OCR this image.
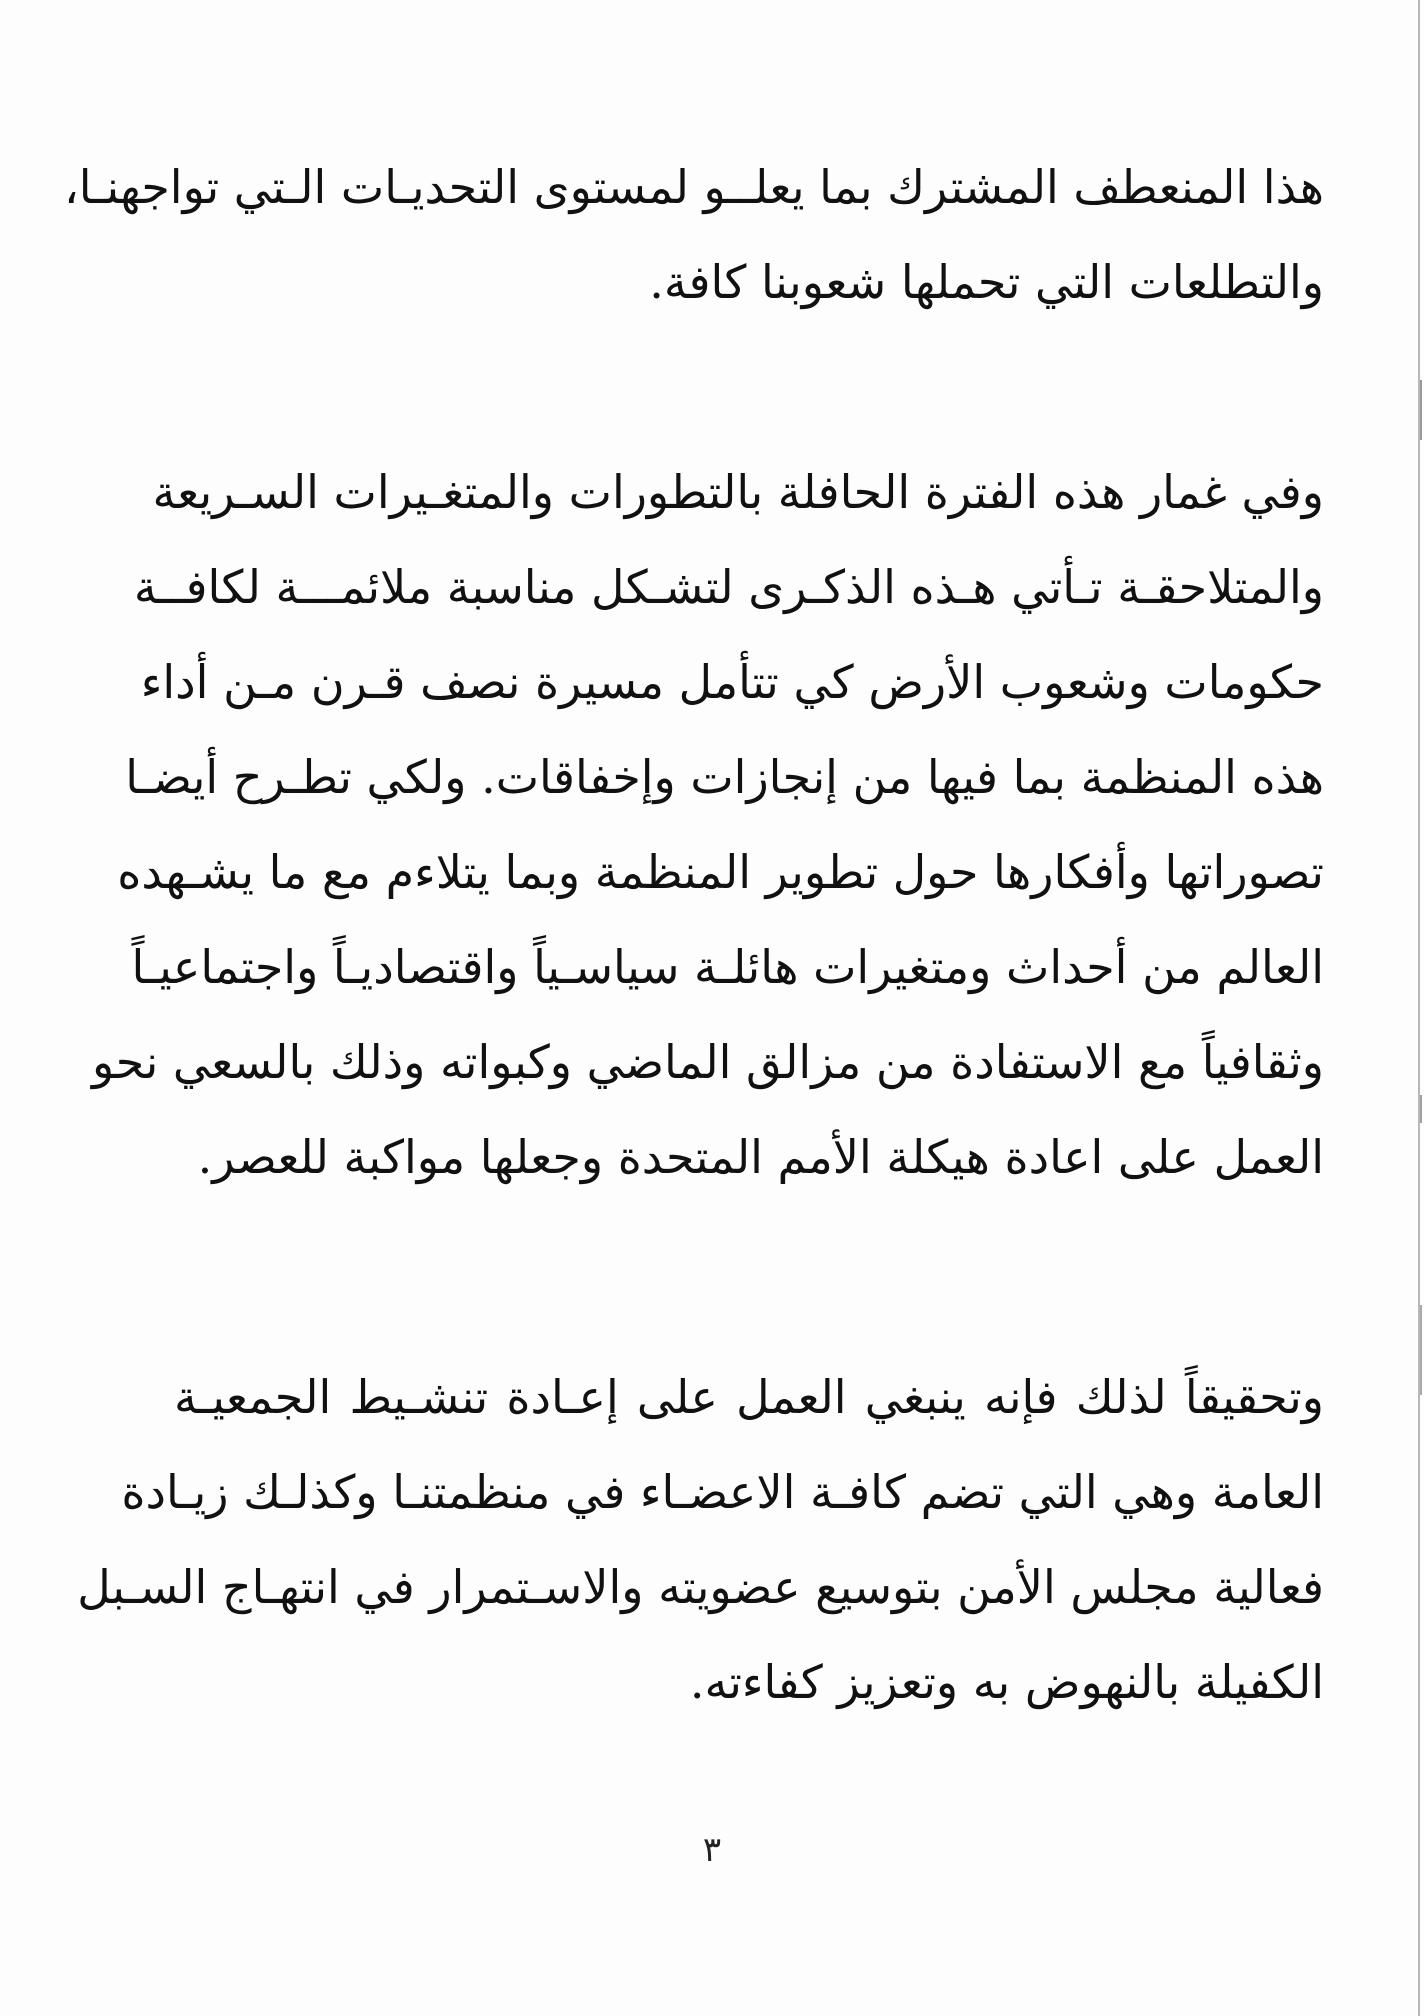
هذا المنعطف المشترك بما يعلــو لمستوى التحديـات الـتي تواجهنـا،
والتطلعات التي تحملها شعوبنا كافة.

وفي غمار هذه الفترة الحافلة بالتطورات والمتغـيرات السـريعة
والمتلاحقـة تـأتي هـذه الذكـرى لتشـكل مناسبة ملائمـــة لكافــة
حكومات وشعوب الأرض كي تتأمل مسيرة نصف قـرن مـن أداء
هذه المنظمة بما فيها من إنجازات وإخفاقات. ولكي تطـرح أيضـا
تصوراتها وأفكارها حول تطوير المنظمة وبما يتلاءم مع ما يشـهده
العالم من أحداث ومتغيرات هائلـة سياسـياً واقتصاديـاً واجتماعيـاً
وثقافياً مع الاستفادة من مزالق الماضي وكبواته وذلك بالسعي نحو
العمل على اعادة هيكلة الأمم المتحدة وجعلها مواكبة للعصر.

وتحقيقاً لذلك فإنه ينبغي العمل على إعـادة تنشـيط الجمعيـة
العامة وهي التي تضم كافـة الاعضـاء في منظمتنـا وكذلـك زيـادة
فعالية مجلس الأمن بتوسيع عضويته والاسـتمرار في انتهـاج السـبل
الكفيلة بالنهوض به وتعزيز كفاءته.

٣
